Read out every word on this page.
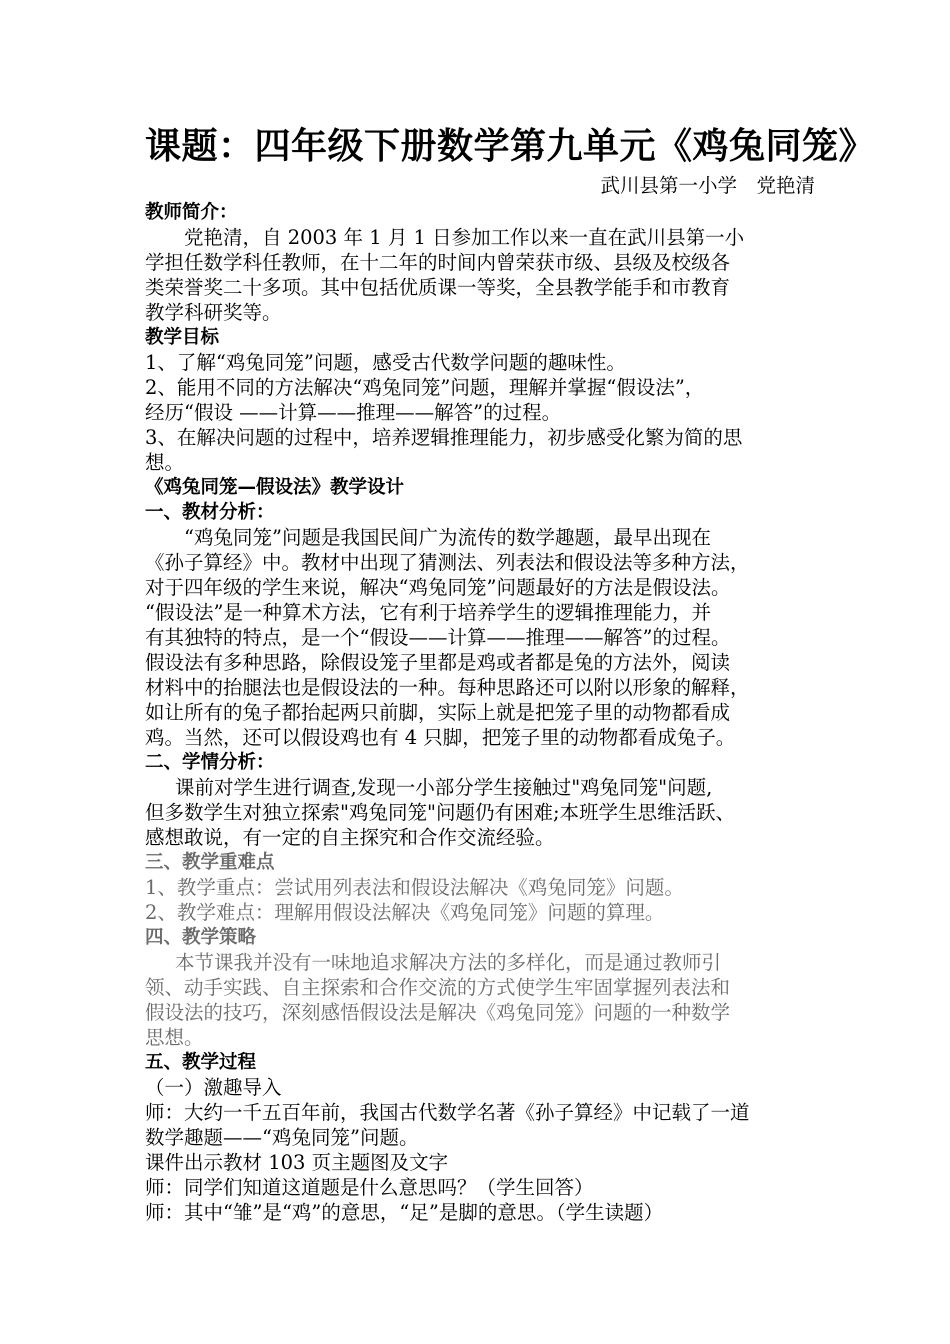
课题：四年级下册数学第九单元《鸡兔同笼》

武川县第一小学　党艳清

教师简介：

党艳清，自 2003 年 1 月 1 日参加工作以来一直在武川县第一小
学担任数学科任教师，在十二年的时间内曾荣获市级、县级及校级各
类荣誉奖二十多项。其中包括优质课一等奖，全县教学能手和市教育
教学科研奖等。

教学目标

1、了解“鸡兔同笼”问题，感受古代数学问题的趣味性。
2、能用不同的方法解决“鸡兔同笼”问题，理解并掌握“假设法”，
经历“假设 ——计算——推理——解答”的过程。
3、在解决问题的过程中，培养逻辑推理能力，初步感受化繁为简的思
想。

《鸡兔同笼—假设法》教学设计
一、教材分析：

“鸡兔同笼”问题是我国民间广为流传的数学趣题，最早出现在
《孙子算经》中。教材中出现了猜测法、列表法和假设法等多种方法，
对于四年级的学生来说，解决“鸡兔同笼”问题最好的方法是假设法。
“假设法”是一种算术方法，它有利于培养学生的逻辑推理能力，并
有其独特的特点，是一个“假设——计算——推理——解答”的过程。
假设法有多种思路，除假设笼子里都是鸡或者都是兔的方法外，阅读
材料中的抬腿法也是假设法的一种。每种思路还可以附以形象的解释，
如让所有的兔子都抬起两只前脚，实际上就是把笼子里的动物都看成
鸡。当然，还可以假设鸡也有 4 只脚，把笼子里的动物都看成兔子。

二、学情分析：

课前对学生进行调查,发现一小部分学生接触过"鸡兔同笼"问题,
但多数学生对独立探索"鸡兔同笼"问题仍有困难;本班学生思维活跃、
感想敢说，有一定的自主探究和合作交流经验。

三、教学重难点

1、教学重点：尝试用列表法和假设法解决《鸡兔同笼》问题。
2、教学难点：理解用假设法解决《鸡兔同笼》问题的算理。

四、教学策略

本节课我并没有一味地追求解决方法的多样化，而是通过教师引
领、动手实践、自主探索和合作交流的方式使学生牢固掌握列表法和
假设法的技巧，深刻感悟假设法是解决《鸡兔同笼》问题的一种数学
思想。

五、教学过程

（一）激趣导入

师：大约一千五百年前，我国古代数学名著《孙子算经》中记载了一道
数学趣题——“鸡兔同笼”问题。
课件出示教材 103 页主题图及文字
师：同学们知道这道题是什么意思吗？（学生回答）
师：其中“雏”是“鸡”的意思，“足”是脚的意思。（学生读题）
